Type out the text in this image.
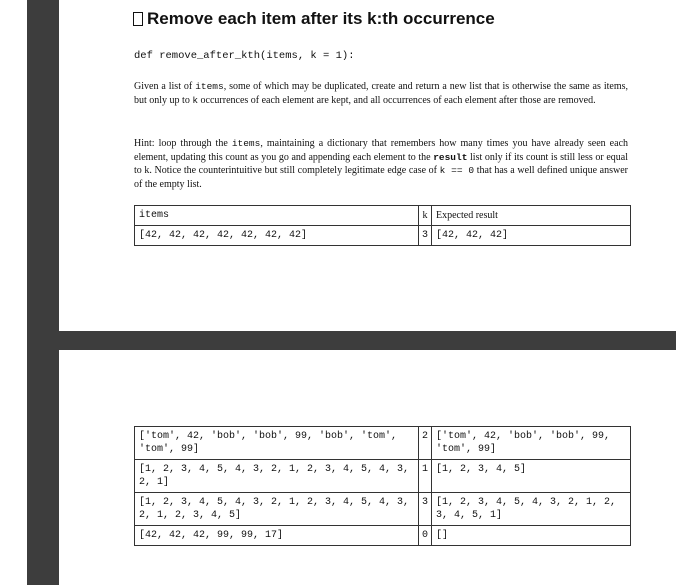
Remove each item after its k:th occurrence
def remove_after_kth(items, k = 1):
Given a list of items, some of which may be duplicated, create and return a new list that is otherwise the same as items, but only up to k occurrences of each element are kept, and all occurrences of each element after those are removed.
Hint: loop through the items, maintaining a dictionary that remembers how many times you have already seen each element, updating this count as you go and appending each element to the result list only if its count is still less or equal to k. Notice the counterintuitive but still completely legitimate edge case of k == 0 that has a well defined unique answer of the empty list.
items	k	Expected result
[42, 42, 42, 42, 42, 42, 42]	3	[42, 42, 42]
['tom', 42, 'bob', 'bob', 99, 'bob', 'tom', 'tom', 99]	2	['tom', 42, 'bob', 'bob', 99, 'tom', 99]
[1, 2, 3, 4, 5, 4, 3, 2, 1, 2, 3, 4, 5, 4, 3, 2, 1]	1	[1, 2, 3, 4, 5]
[1, 2, 3, 4, 5, 4, 3, 2, 1, 2, 3, 4, 5, 4, 3, 2, 1, 2, 3, 4, 5]	3	[1, 2, 3, 4, 5, 4, 3, 2, 1, 2, 3, 4, 5, 1]
[42, 42, 42, 99, 99, 17]	0	[]
